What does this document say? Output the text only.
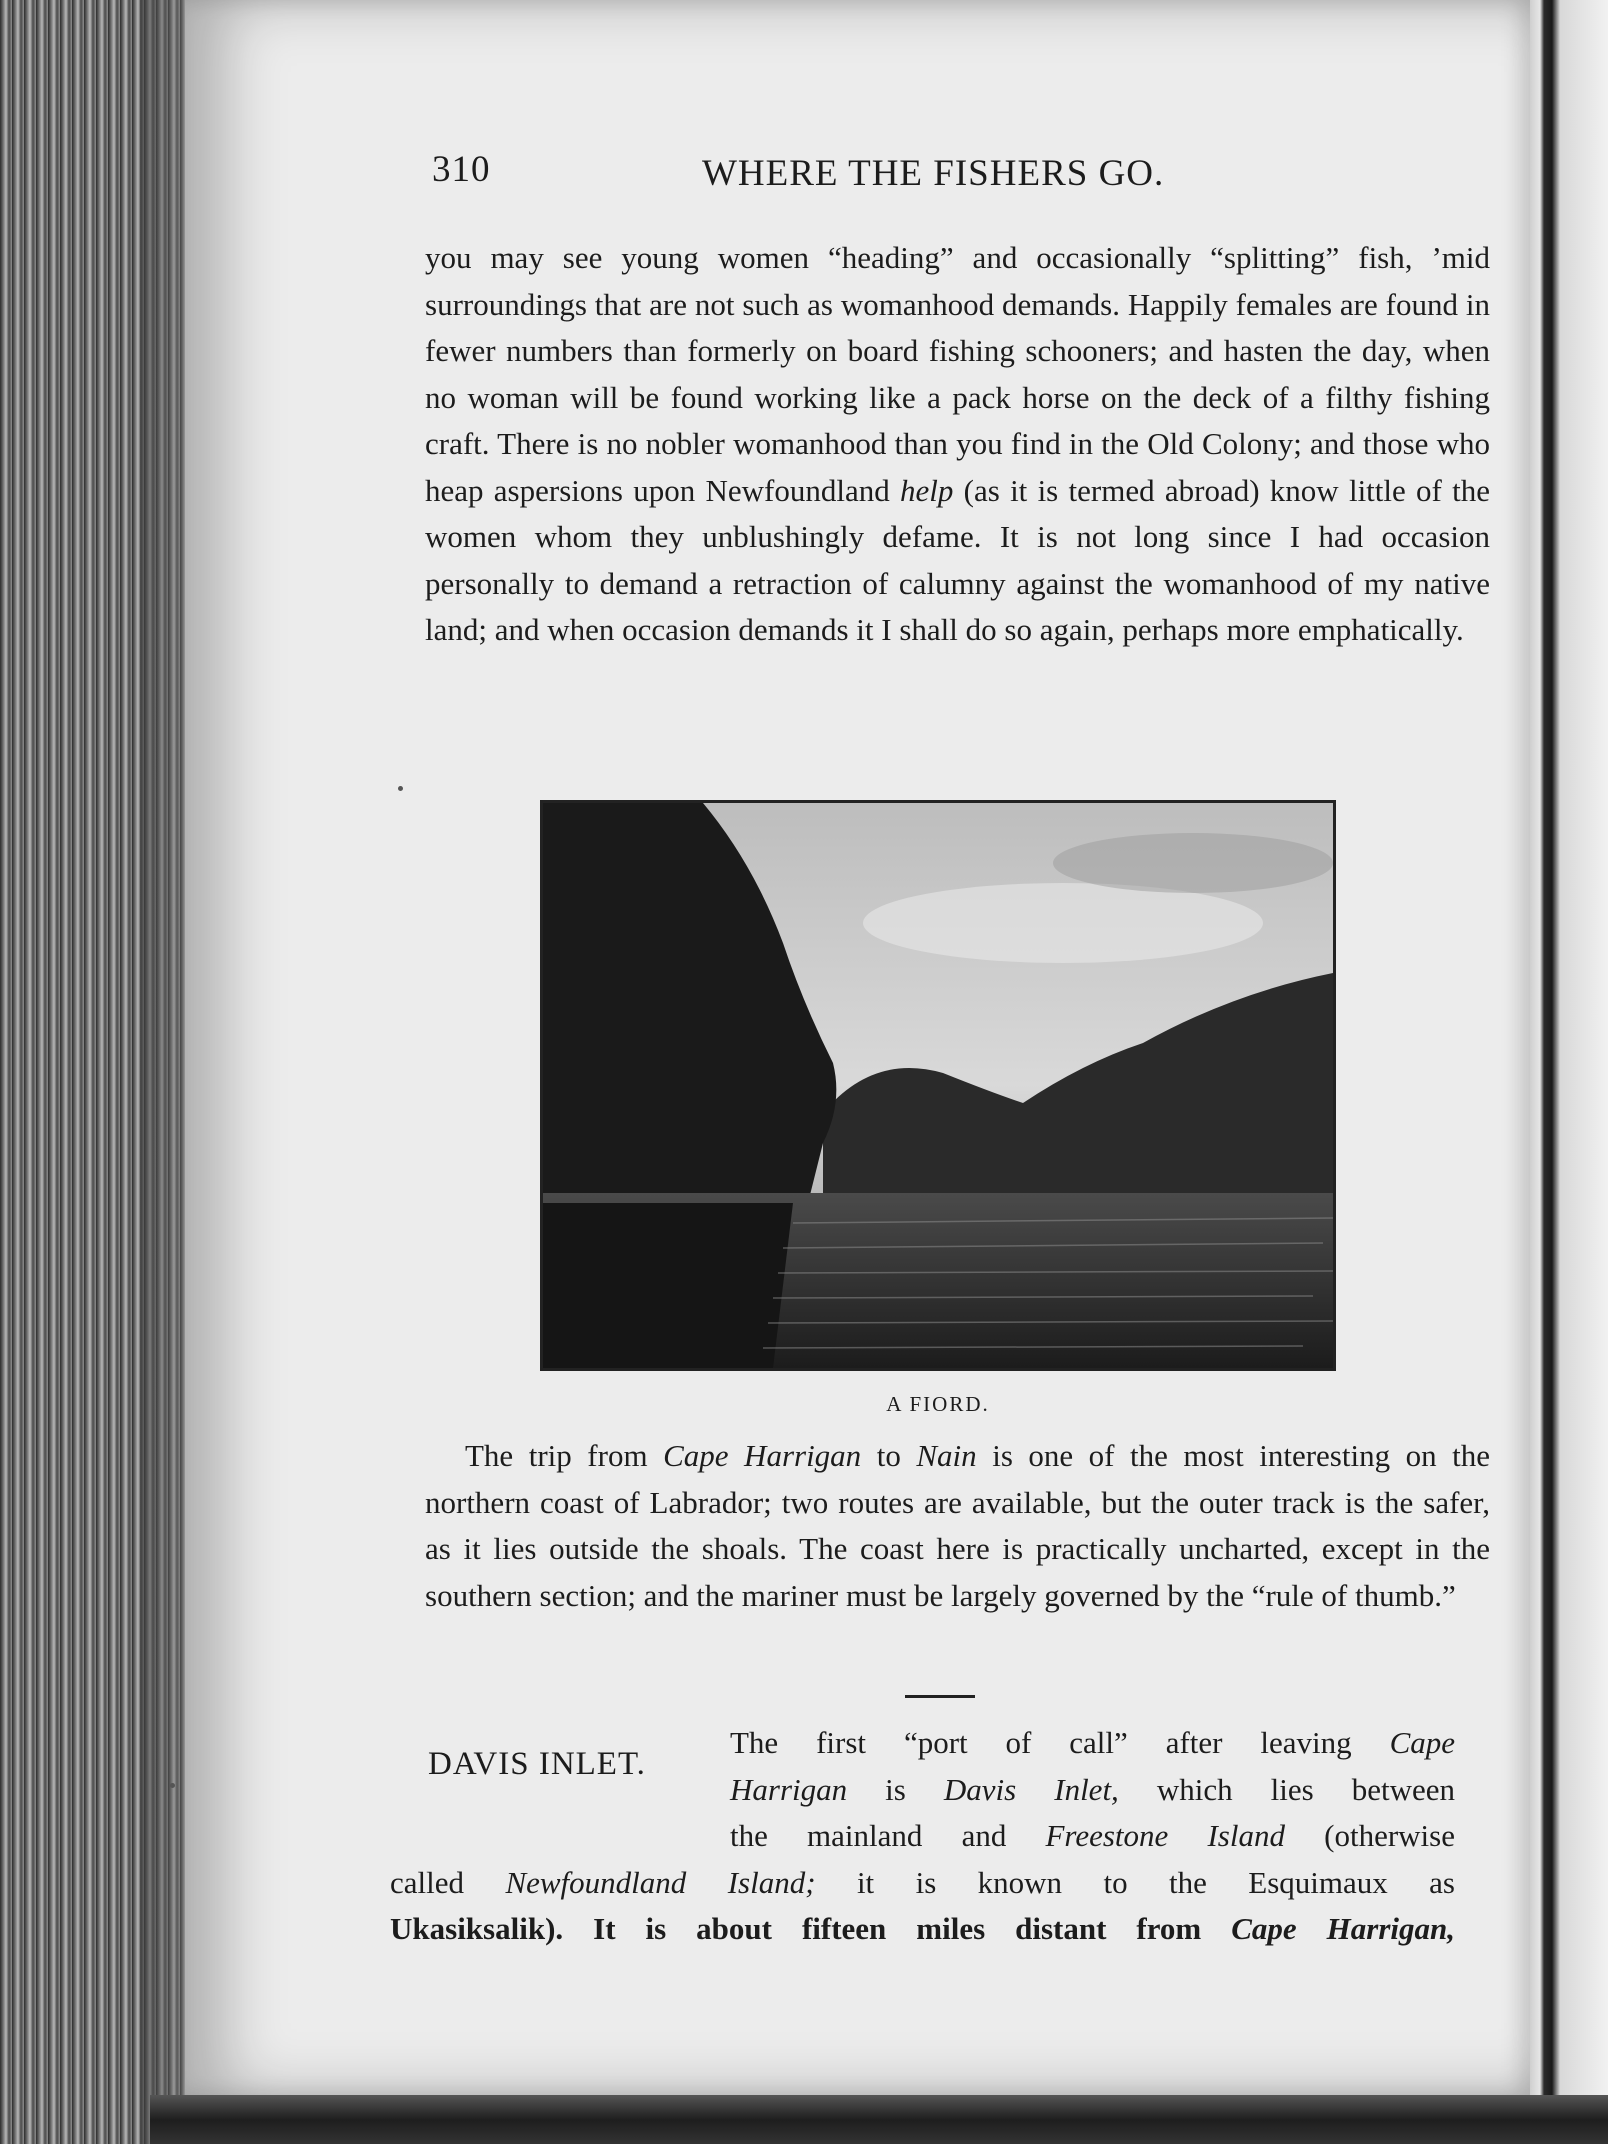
310	WHERE THE FISHERS GO.

you may see young women “heading” and occasionally “splitting” fish, ’mid surroundings that are not such as womanhood demands. Happily females are found in fewer numbers than formerly on board fishing schooners; and hasten the day, when no woman will be found working like a pack horse on the deck of a filthy fishing craft. There is no nobler womanhood than you find in the Old Colony; and those who heap aspersions upon Newfoundland help (as it is termed abroad) know little of the women whom they unblushingly defame. It is not long since I had occasion personally to demand a retraction of calumny against the womanhood of my native land; and when occasion demands it I shall do so again, perhaps more emphatically.

A FIORD.

The trip from Cape Harrigan to Nain is one of the most interesting on the northern coast of Labrador; two routes are available, but the outer track is the safer, as it lies outside the shoals. The coast here is practically uncharted, except in the southern section; and the mariner must be largely governed by the “rule of thumb.”

DAVIS INLET.
The first “port of call” after leaving Cape
Harrigan is Davis Inlet, which lies between
the mainland and Freestone Island (otherwise
called Newfoundland Island; it is known to the Esquimaux as
Ukasiksalik). It is about fifteen miles distant from Cape Harrigan,
